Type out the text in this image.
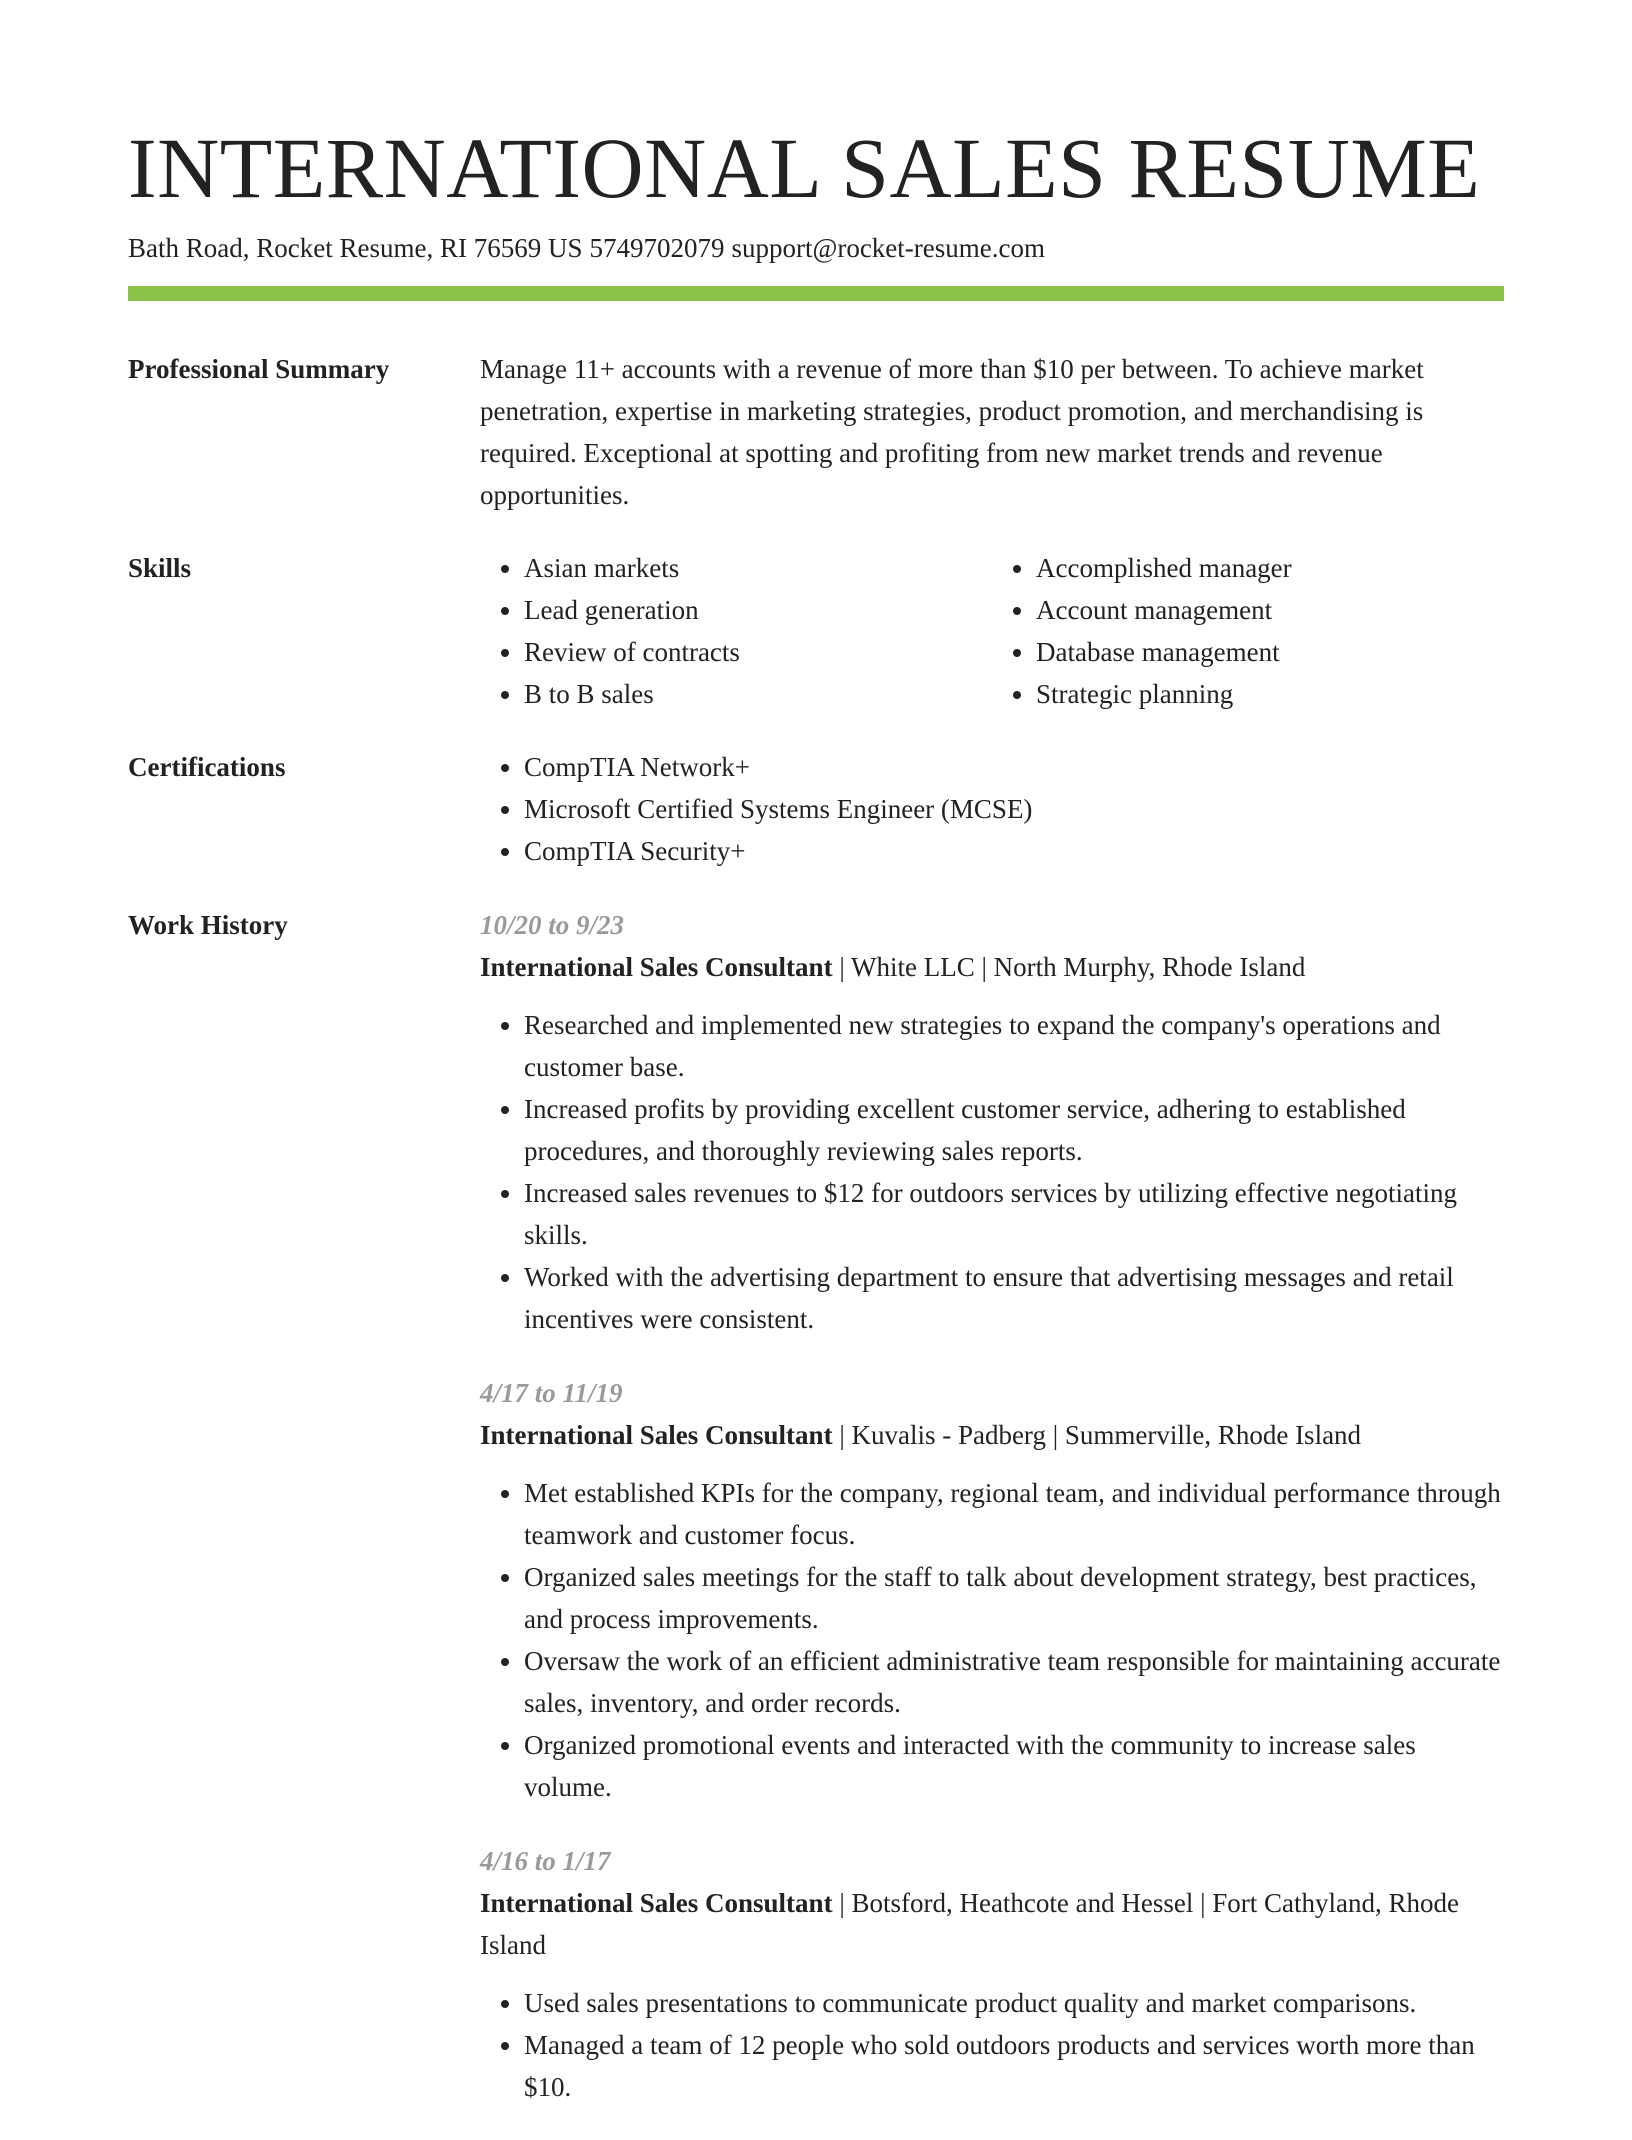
INTERNATIONAL SALES RESUME
Bath Road, Rocket Resume, RI 76569 US 5749702079 support@rocket-resume.com
Professional Summary	Manage 11+ accounts with a revenue of more than $10 per between. To achieve market penetration, expertise in marketing strategies, product promotion, and merchandising is required. Exceptional at spotting and profiting from new market trends and revenue opportunities.

Skills	• Asian markets
• Lead generation
• Review of contracts
• B to B sales
• Accomplished manager
• Account management
• Database management
• Strategic planning
Certifications	• CompTIA Network+
• Microsoft Certified Systems Engineer (MCSE)
• CompTIA Security+
Work History	10/20 to 9/23
International Sales Consultant | White LLC | North Murphy, Rhode Island
• Researched and implemented new strategies to expand the company's operations and customer base.
• Increased profits by providing excellent customer service, adhering to established procedures, and thoroughly reviewing sales reports.
• Increased sales revenues to $12 for outdoors services by utilizing effective negotiating skills.
• Worked with the advertising department to ensure that advertising messages and retail incentives were consistent.
4/17 to 11/19
International Sales Consultant | Kuvalis - Padberg | Summerville, Rhode Island
• Met established KPIs for the company, regional team, and individual performance through teamwork and customer focus.
• Organized sales meetings for the staff to talk about development strategy, best practices, and process improvements.
• Oversaw the work of an efficient administrative team responsible for maintaining accurate sales, inventory, and order records.
• Organized promotional events and interacted with the community to increase sales volume.
4/16 to 1/17
International Sales Consultant | Botsford, Heathcote and Hessel | Fort Cathyland, Rhode Island
• Used sales presentations to communicate product quality and market comparisons.
• Managed a team of 12 people who sold outdoors products and services worth more than $10.
